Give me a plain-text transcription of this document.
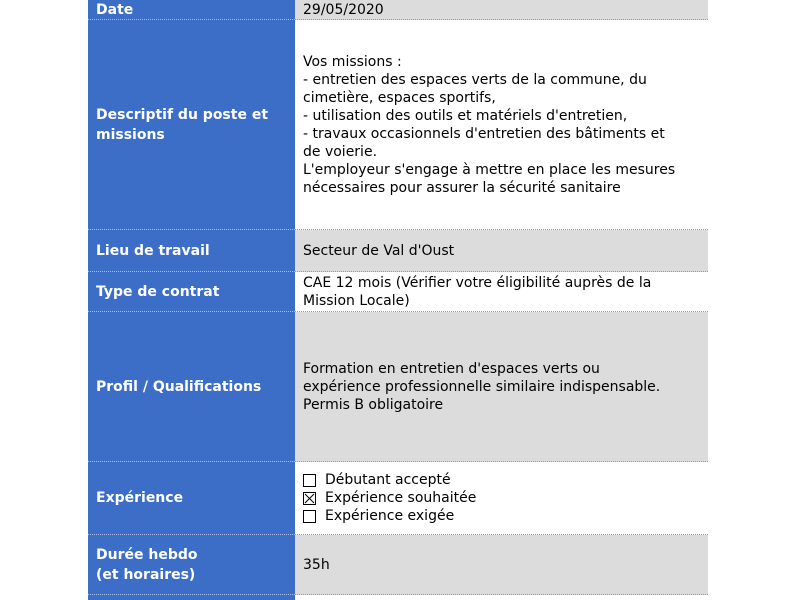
Date	29/05/2020
Descriptif du poste et missions
Vos missions :
- entretien des espaces verts de la commune, du
cimetière, espaces sportifs,
- utilisation des outils et matériels d'entretien,
- travaux occasionnels d'entretien des bâtiments et
de voierie.
L'employeur s'engage à mettre en place les mesures
nécessaires pour assurer la sécurité sanitaire
Lieu de travail	Secteur de Val d'Oust
Type de contrat
CAE 12 mois (Vérifier votre éligibilité auprès de la
Mission Locale)
Profil / Qualifications
Formation en entretien d'espaces verts ou
expérience professionnelle similaire indispensable.
Permis B obligatoire
Expérience
Débutant accepté
Expérience souhaitée
Expérience exigée
Durée hebdo
(et horaires)
35h
